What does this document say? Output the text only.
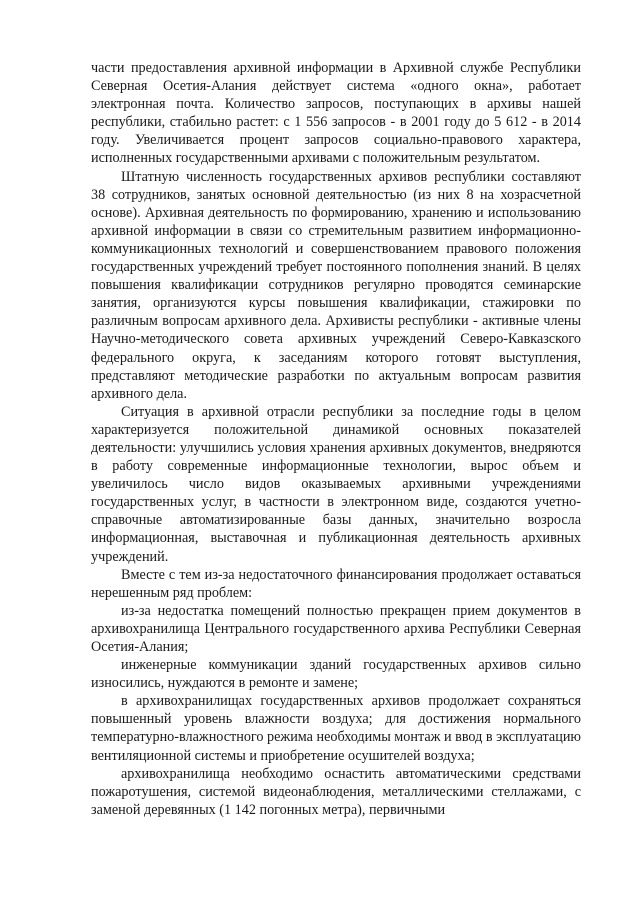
части предоставления архивной информации в Архивной службе Республики Северная Осетия-Алания действует система «одного окна», работает электронная почта. Количество запросов, поступающих в архивы нашей республики, стабильно растет: с 1 556 запросов - в 2001 году до 5 612 - в 2014 году. Увеличивается процент запросов социально-правового характера, исполненных государственными архивами с положительным результатом.

Штатную численность государственных архивов республики составляют 38 сотрудников, занятых основной деятельностью (из них 8 на хозрасчетной основе). Архивная деятельность по формированию, хранению и использованию архивной информации в связи со стремительным развитием информационно-коммуникационных технологий и совершенствованием правового положения государственных учреждений требует постоянного пополнения знаний. В целях повышения квалификации сотрудников регулярно проводятся семинарские занятия, организуются курсы повышения квалификации, стажировки по различным вопросам архивного дела. Архивисты республики - активные члены Научно-методического совета архивных учреждений Северо-Кавказского федерального округа, к заседаниям которого готовят выступления, представляют методические разработки по актуальным вопросам развития архивного дела.

Ситуация в архивной отрасли республики за последние годы в целом характеризуется положительной динамикой основных показателей деятельности: улучшились условия хранения архивных документов, внедряются в работу современные информационные технологии, вырос объем и увеличилось число видов оказываемых архивными учреждениями государственных услуг, в частности в электронном виде, создаются учетно-справочные автоматизированные базы данных, значительно возросла информационная, выставочная и публикационная деятельность архивных учреждений.

Вместе с тем из-за недостаточного финансирования продолжает оставаться нерешенным ряд проблем:

из-за недостатка помещений полностью прекращен прием документов в архивохранилища Центрального государственного архива Республики Северная Осетия-Алания;

инженерные коммуникации зданий государственных архивов сильно износились, нуждаются в ремонте и замене;

в архивохранилищах государственных архивов продолжает сохраняться повышенный уровень влажности воздуха; для достижения нормального температурно-влажностного режима необходимы монтаж и ввод в эксплуатацию вентиляционной системы и приобретение осушителей воздуха;

архивохранилища необходимо оснастить автоматическими средствами пожаротушения, системой видеонаблюдения, металлическими стеллажами, с заменой деревянных (1 142 погонных метра), первичными
